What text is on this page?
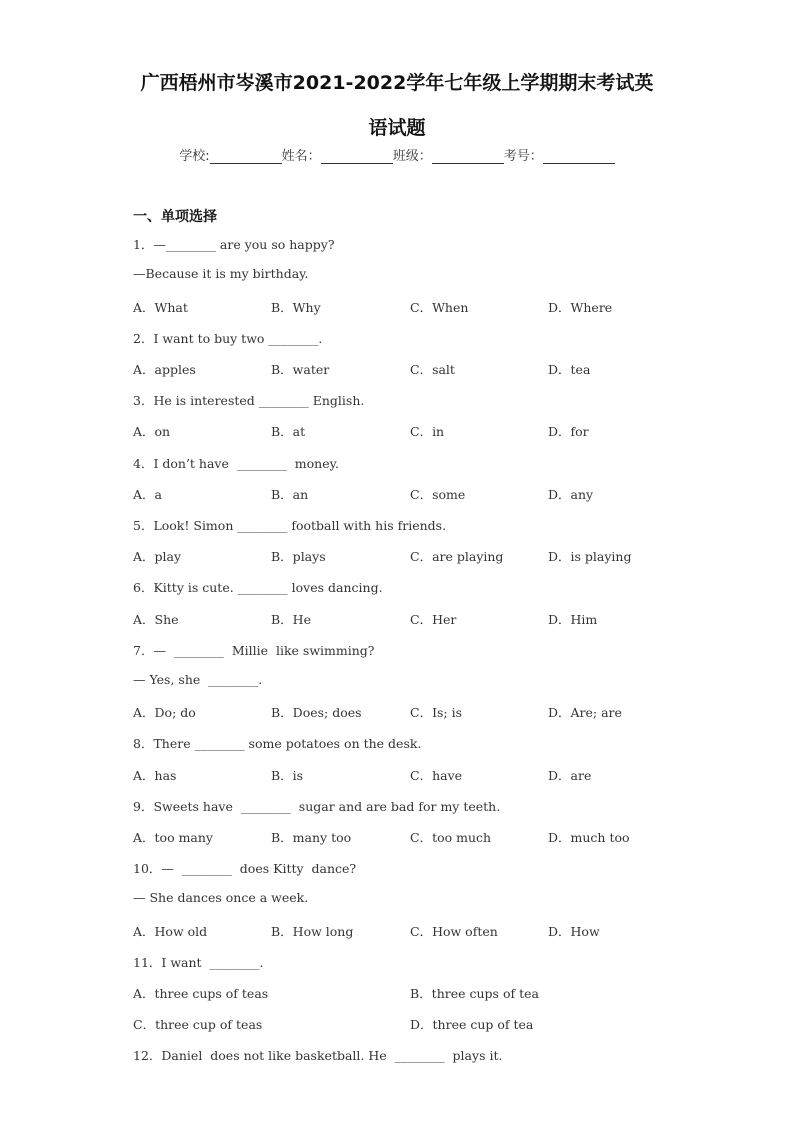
广西梧州市岑溪市2021-2022学年七年级上学期期末考试英
语试题
学校:	姓名：	班级：	考号：
一、单项选择
1．—________ are you so happy?
—Because it is my birthday.
A．What	B．Why	C．When	D．Where
2．I want to buy two ________.
A．apples	B．water	C．salt	D．tea
3．He is interested ________ English.
A．on	B．at	C．in	D．for
4．I don’t have  ________  money.
A．a	B．an	C．some	D．any
5．Look! Simon ________ football with his friends.
A．play	B．plays	C．are playing	D．is playing
6．Kitty is cute. ________ loves dancing.
A．She	B．He	C．Her	D．Him
7．—  ________  Millie  like swimming?
— Yes, she  ________.
A．Do; do	B．Does; does	C．Is; is	D．Are; are
8．There ________ some potatoes on the desk.
A．has	B．is	C．have	D．are
9．Sweets have  ________  sugar and are bad for my teeth.
A．too many	B．many too	C．too much	D．much too
10．—  ________  does Kitty  dance?
— She dances once a week.
A．How old	B．How long	C．How often	D．How
11．I want  ________.
A．three cups of teas	B．three cups of tea
C．three cup of teas	D．three cup of tea
12．Daniel  does not like basketball. He  ________  plays it.
